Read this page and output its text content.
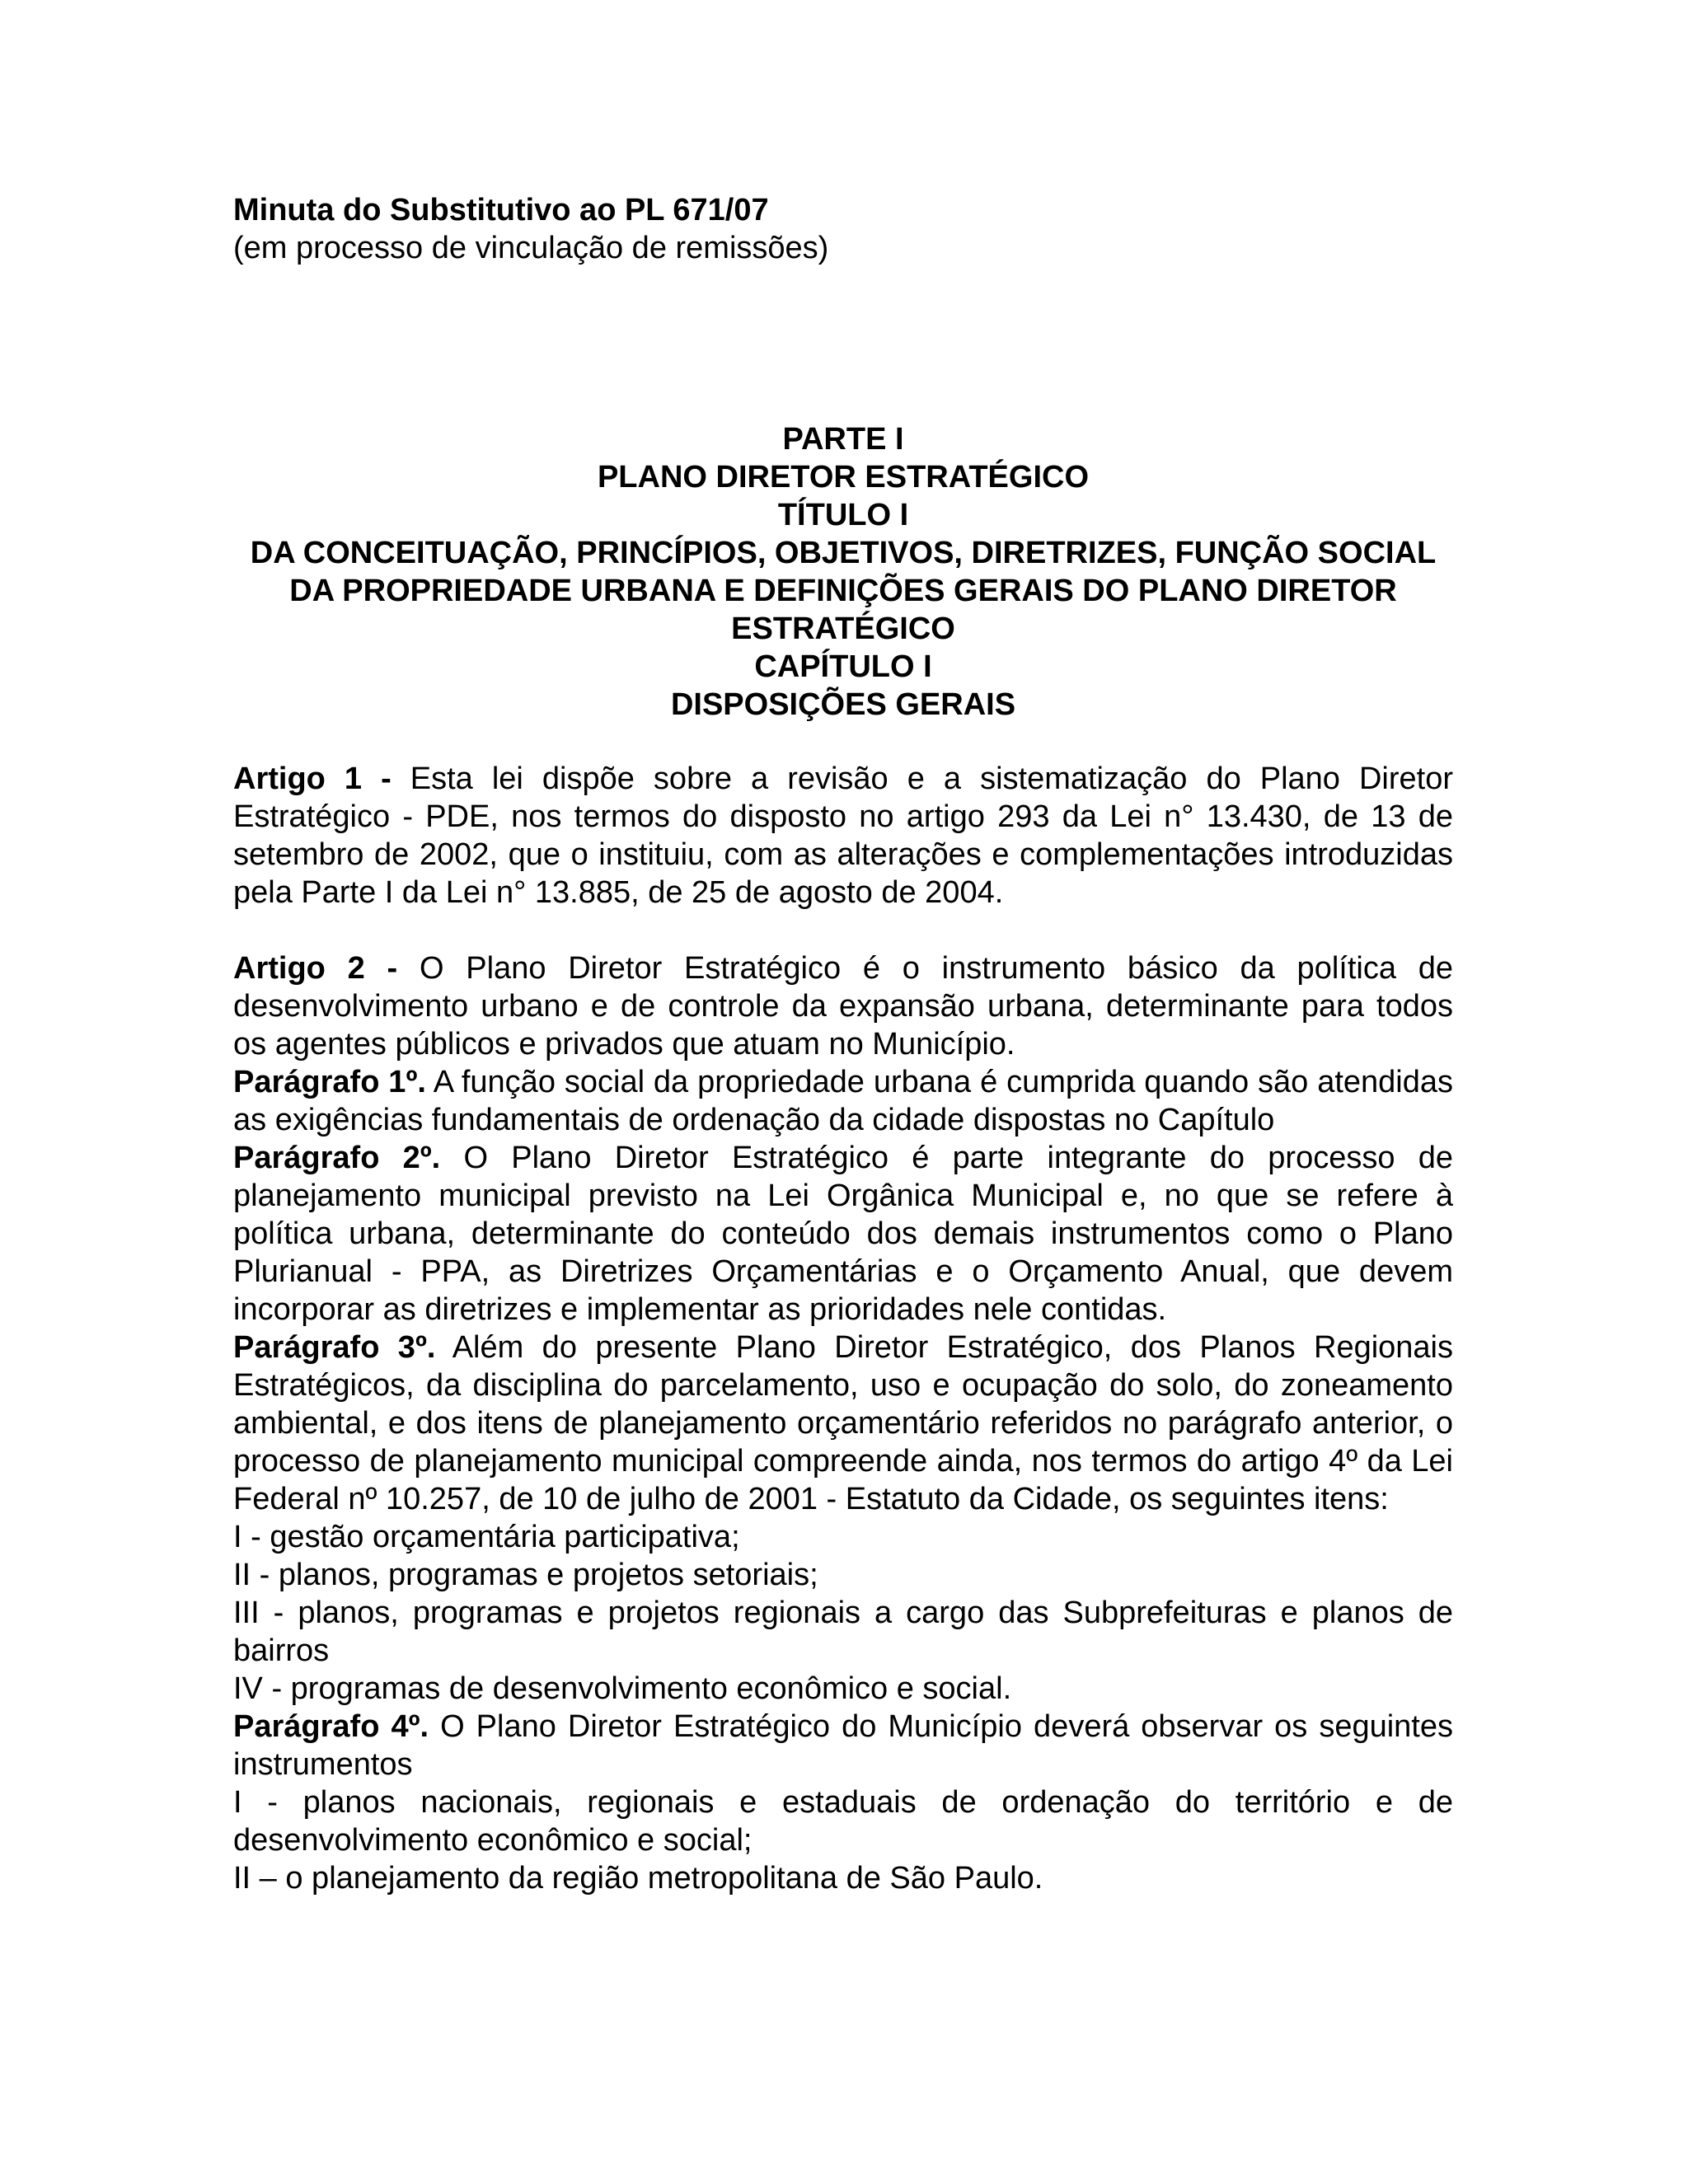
Minuta do Substitutivo ao PL 671/07
(em processo de vinculação de remissões)
PARTE I
PLANO DIRETOR ESTRATÉGICO
TÍTULO I
DA CONCEITUAÇÃO, PRINCÍPIOS, OBJETIVOS, DIRETRIZES, FUNÇÃO SOCIAL DA PROPRIEDADE URBANA E DEFINIÇÕES GERAIS DO PLANO DIRETOR ESTRATÉGICO
CAPÍTULO I
DISPOSIÇÕES GERAIS

Artigo 1 - Esta lei dispõe sobre a revisão e a sistematização do Plano Diretor Estratégico - PDE, nos termos do disposto no artigo 293 da Lei n° 13.430, de 13 de setembro de 2002, que o instituiu, com as alterações e complementações introduzidas pela Parte I da Lei n° 13.885, de 25 de agosto de 2004.

Artigo 2 - O Plano Diretor Estratégico é o instrumento básico da política de desenvolvimento urbano e de controle da expansão urbana, determinante para todos os agentes públicos e privados que atuam no Município.

Parágrafo 1º. A função social da propriedade urbana é cumprida quando são atendidas as exigências fundamentais de ordenação da cidade dispostas no Capítulo

Parágrafo 2º. O Plano Diretor Estratégico é parte integrante do processo de planejamento municipal previsto na Lei Orgânica Municipal e, no que se refere à política urbana, determinante do conteúdo dos demais instrumentos como o Plano Plurianual - PPA, as Diretrizes Orçamentárias e o Orçamento Anual, que devem incorporar as diretrizes e implementar as prioridades nele contidas.

Parágrafo 3º. Além do presente Plano Diretor Estratégico, dos Planos Regionais Estratégicos, da disciplina do parcelamento, uso e ocupação do solo, do zoneamento ambiental, e dos itens de planejamento orçamentário referidos no parágrafo anterior, o processo de planejamento municipal compreende ainda, nos termos do artigo 4º da Lei Federal nº 10.257, de 10 de julho de 2001 - Estatuto da Cidade, os seguintes itens:

I - gestão orçamentária participativa;

II - planos, programas e projetos setoriais;

III - planos, programas e projetos regionais a cargo das Subprefeituras e planos de bairros

IV - programas de desenvolvimento econômico e social.

Parágrafo 4º. O Plano Diretor Estratégico do Município deverá observar os seguintes instrumentos

I - planos nacionais, regionais e estaduais de ordenação do território e de desenvolvimento econômico e social;

II – o planejamento da região metropolitana de São Paulo.
